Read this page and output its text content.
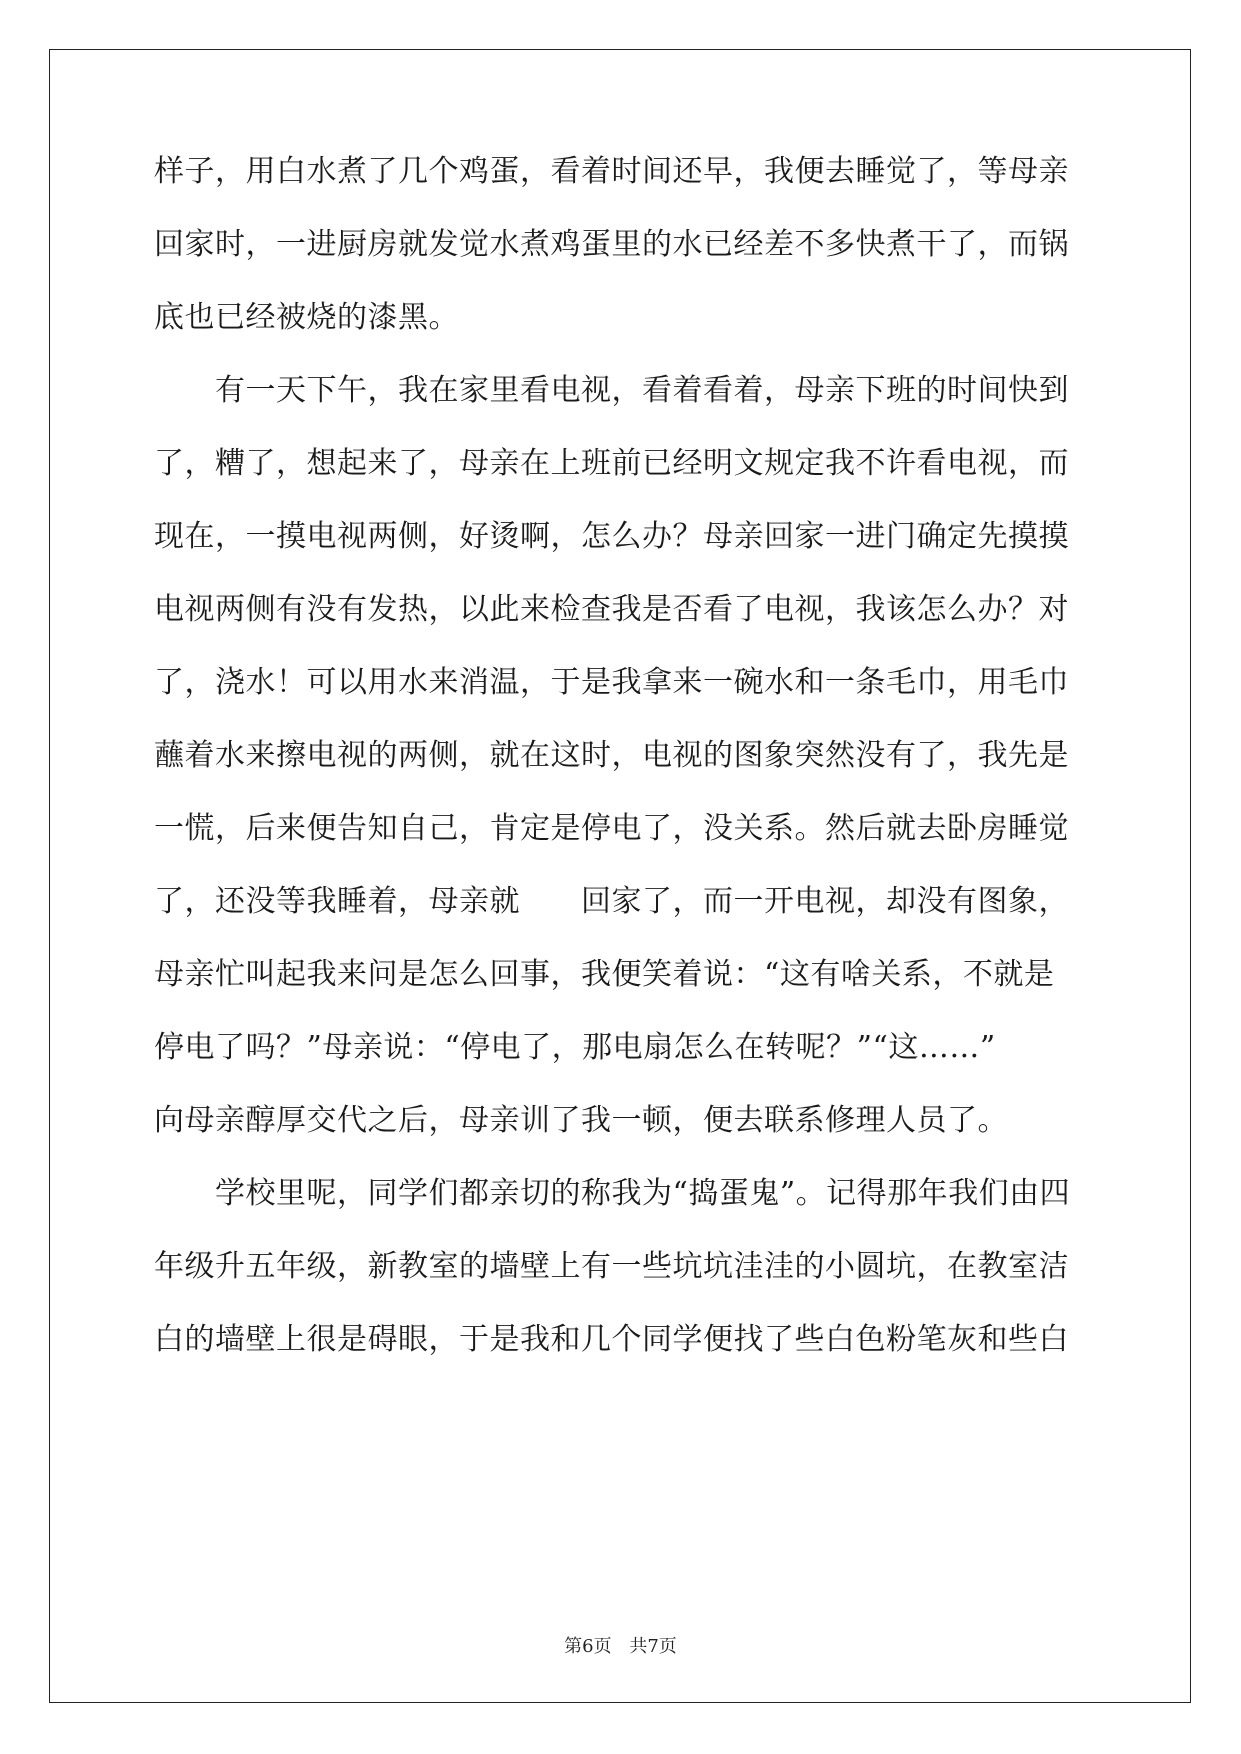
样子，用白水煮了几个鸡蛋，看着时间还早，我便去睡觉了，等母亲
回家时，一进厨房就发觉水煮鸡蛋里的水已经差不多快煮干了，而锅
底也已经被烧的漆黑。
　　有一天下午，我在家里看电视，看着看着，母亲下班的时间快到
了，糟了，想起来了，母亲在上班前已经明文规定我不许看电视，而
现在，一摸电视两侧，好烫啊，怎么办？母亲回家一进门确定先摸摸
电视两侧有没有发热，以此来检查我是否看了电视，我该怎么办？对
了，浇水！可以用水来消温，于是我拿来一碗水和一条毛巾，用毛巾
蘸着水来擦电视的两侧，就在这时，电视的图象突然没有了，我先是
一慌，后来便告知自己，肯定是停电了，没关系。然后就去卧房睡觉
了，还没等我睡着，母亲就　　回家了，而一开电视，却没有图象，
母亲忙叫起我来问是怎么回事，我便笑着说：“这有啥关系，不就是
停电了吗？”母亲说：“停电了，那电扇怎么在转呢？”“这……”
向母亲醇厚交代之后，母亲训了我一顿，便去联系修理人员了。
　　学校里呢，同学们都亲切的称我为“捣蛋鬼”。记得那年我们由四
年级升五年级，新教室的墙壁上有一些坑坑洼洼的小圆坑，在教室洁
白的墙壁上很是碍眼，于是我和几个同学便找了些白色粉笔灰和些白
第6页 共7页
